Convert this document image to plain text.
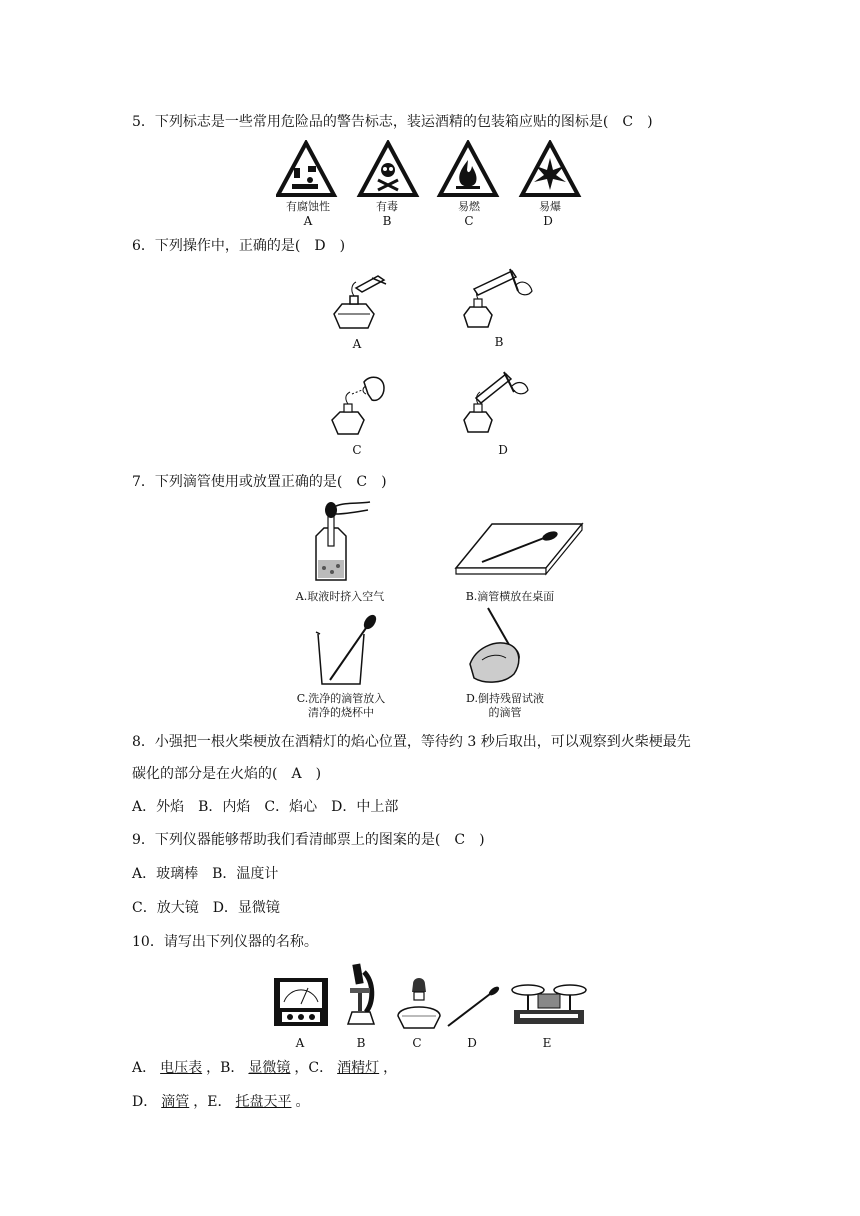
5．下列标志是一些常用危险品的警告标志，装运酒精的包装箱应贴的图标是(　C　)
有腐蚀性	有毒	易燃	易爆
A	B	C	D
6．下列操作中，正确的是(　D　)
A	B
C	D
7．下列滴管使用或放置正确的是(　C　)
A.取液时挤入空气	B.滴管横放在桌面
C.洗净的滴管放入
清净的烧杯中
D.倒持残留试液
的滴管
8．小强把一根火柴梗放在酒精灯的焰心位置，等待约 3 秒后取出，可以观察到火柴梗最先
碳化的部分是在火焰的(　A　)
A．外焰　B．内焰　C．焰心　D．中上部
9．下列仪器能够帮助我们看清邮票上的图案的是(　C　)
A．玻璃棒　B．温度计
C．放大镜　D．显微镜
10．请写出下列仪器的名称。
A	B	C	D	E
A． 电压表 ，B． 显微镜 ，C． 酒精灯 ，
D． 滴管 ，E． 托盘天平 。
